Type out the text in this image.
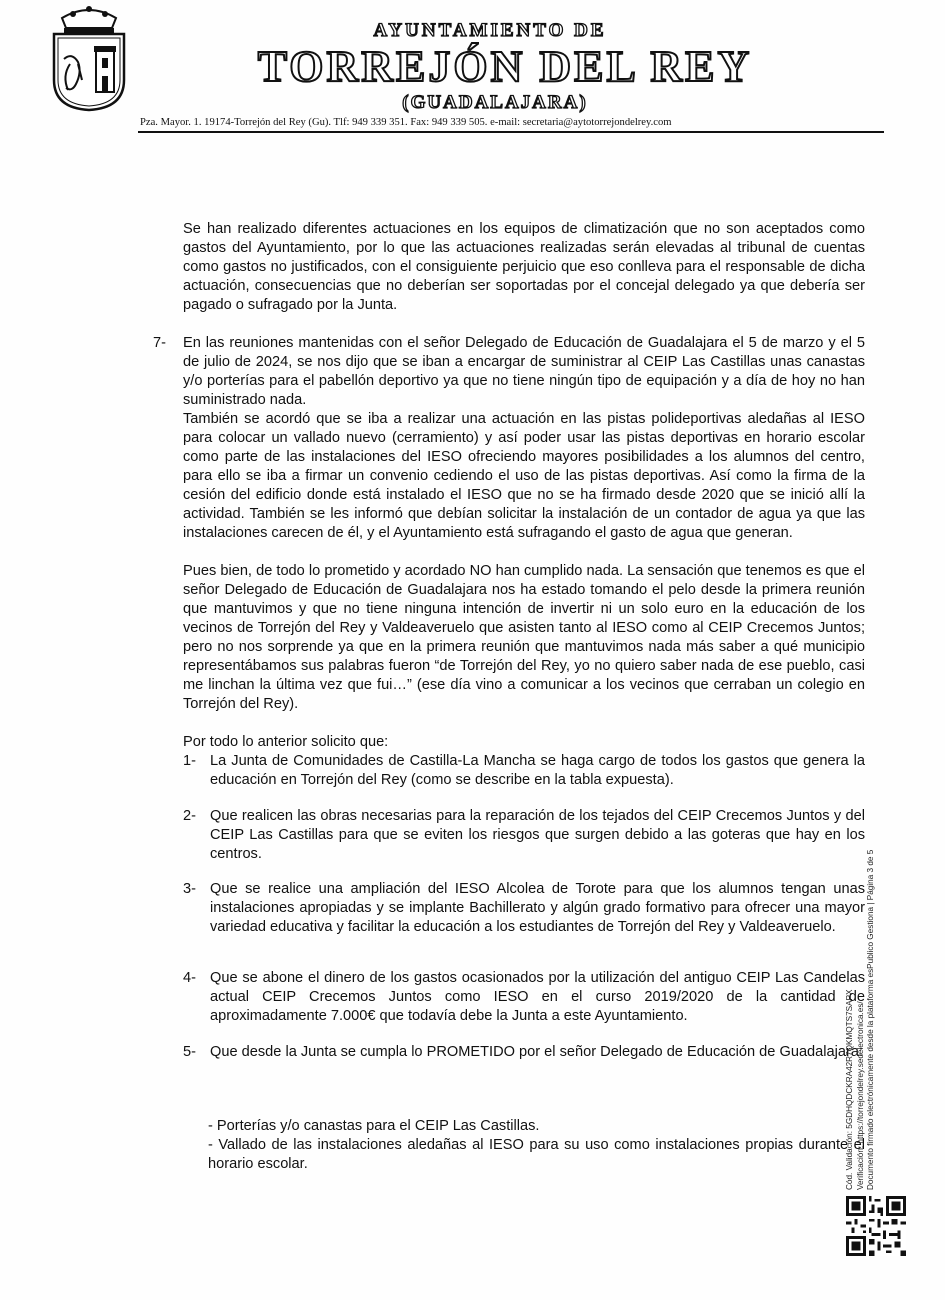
AYUNTAMIENTO DE
TORREJÓN DEL REY
(GUADALAJARA)
Pza. Mayor. 1. 19174-Torrejón del Rey (Gu). Tlf: 949 339 351. Fax: 949 339 505. e-mail: secretaria@aytotorrejondelrey.com
Se han realizado diferentes actuaciones en los equipos de climatización que no son aceptados como gastos del Ayuntamiento, por lo que las actuaciones realizadas serán elevadas al tribunal de cuentas como gastos no justificados, con el consiguiente perjuicio que eso conlleva para el responsable de dicha actuación, consecuencias que no deberían ser soportadas por el concejal delegado ya que debería ser pagado o sufragado por la Junta.
7- En las reuniones mantenidas con el señor Delegado de Educación de Guadalajara el 5 de marzo y el 5 de julio de 2024, se nos dijo que se iban a encargar de suministrar al CEIP Las Castillas unas canastas y/o porterías para el pabellón deportivo ya que no tiene ningún tipo de equipación y a día de hoy no han suministrado nada.
También se acordó que se iba a realizar una actuación en las pistas polideportivas aledañas al IESO para colocar un vallado nuevo (cerramiento) y así poder usar las pistas deportivas en horario escolar como parte de las instalaciones del IESO ofreciendo mayores posibilidades a los alumnos del centro, para ello se iba a firmar un convenio cediendo el uso de las pistas deportivas. Así como la firma de la cesión del edificio donde está instalado el IESO que no se ha firmado desde 2020 que se inició allí la actividad. También se les informó que debían solicitar la instalación de un contador de agua ya que las instalaciones carecen de él, y el Ayuntamiento está sufragando el gasto de agua que generan.
Pues bien, de todo lo prometido y acordado NO han cumplido nada. La sensación que tenemos es que el señor Delegado de Educación de Guadalajara nos ha estado tomando el pelo desde la primera reunión que mantuvimos y que no tiene ninguna intención de invertir ni un solo euro en la educación de los vecinos de Torrejón del Rey y Valdeaveruelo que asisten tanto al IESO como al CEIP Crecemos Juntos; pero no nos sorprende ya que en la primera reunión que mantuvimos nada más saber a qué municipio representábamos sus palabras fueron “de Torrejón del Rey, yo no quiero saber nada de ese pueblo, casi me linchan la última vez que fui…” (ese día vino a comunicar a los vecinos que cerraban un colegio en Torrejón del Rey).
Por todo lo anterior solicito que:
1- La Junta de Comunidades de Castilla-La Mancha se haga cargo de todos los gastos que genera la educación en Torrejón del Rey (como se describe en la tabla expuesta).
2- Que realicen las obras necesarias para la reparación de los tejados del CEIP Crecemos Juntos y del CEIP Las Castillas para que se eviten los riesgos que surgen debido a las goteras que hay en los centros.
3- Que se realice una ampliación del IESO Alcolea de Torote para que los alumnos tengan unas instalaciones apropiadas y se implante Bachillerato y algún grado formativo para ofrecer una mayor variedad educativa y facilitar la educación a los estudiantes de Torrejón del Rey y Valdeaveruelo.
4- Que se abone el dinero de los gastos ocasionados por la utilización del antiguo CEIP Las Candelas actual CEIP Crecemos Juntos como IESO en el curso 2019/2020 de la cantidad de aproximadamente 7.000€ que todavía debe la Junta a este Ayuntamiento.
5- Que desde la Junta se cumpla lo PROMETIDO por el señor Delegado de Educación de Guadalajara:
- Porterías y/o canastas para el CEIP Las Castillas.
- Vallado de las instalaciones aledañas al IESO para su uso como instalaciones propias durante el horario escolar.	Cód. Validación: 5GDHQDCKRA42R7QKMQTS7SAPX Verificación: https://torrejondelrey.sedelectronica.es/ Documento firmado electrónicamente desde la plataforma esPublico Gestiona | Página 3 de 5
